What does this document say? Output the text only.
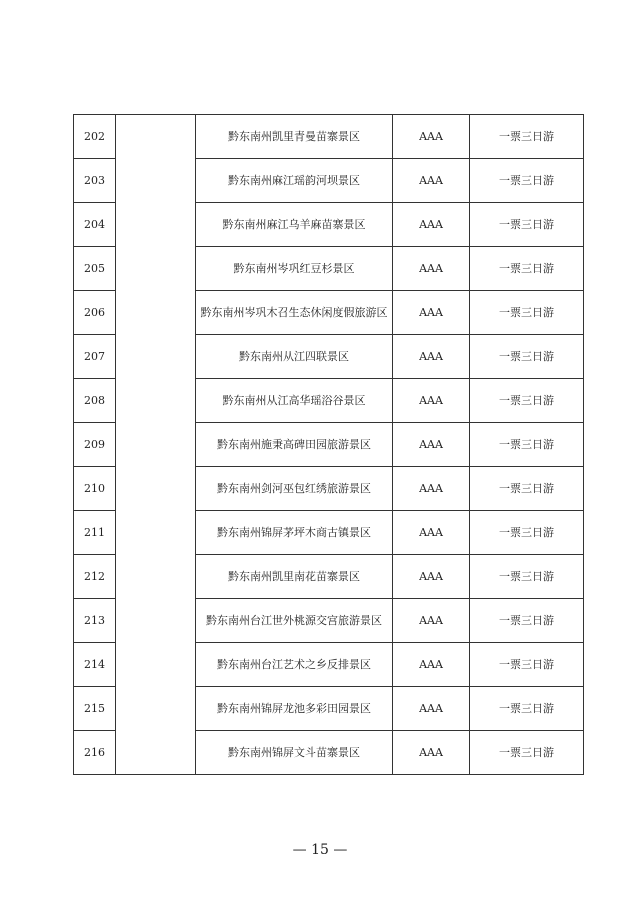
202		黔东南州凯里青曼苗寨景区	AAA	一票三日游
203		黔东南州麻江瑶韵河坝景区	AAA	一票三日游
204		黔东南州麻江乌羊麻苗寨景区	AAA	一票三日游
205		黔东南州岑巩红豆杉景区	AAA	一票三日游
206		黔东南州岑巩木召生态休闲度假旅游区	AAA	一票三日游
207		黔东南州从江四联景区	AAA	一票三日游
208		黔东南州从江高华瑶浴谷景区	AAA	一票三日游
209		黔东南州施秉高碑田园旅游景区	AAA	一票三日游
210		黔东南州剑河巫包红绣旅游景区	AAA	一票三日游
211		黔东南州锦屏茅坪木商古镇景区	AAA	一票三日游
212		黔东南州凯里南花苗寨景区	AAA	一票三日游
213		黔东南州台江世外桃源交宫旅游景区	AAA	一票三日游
214		黔东南州台江艺术之乡反排景区	AAA	一票三日游
215		黔东南州锦屏龙池多彩田园景区	AAA	一票三日游
216		黔东南州锦屏文斗苗寨景区	AAA	一票三日游
— 15 —
